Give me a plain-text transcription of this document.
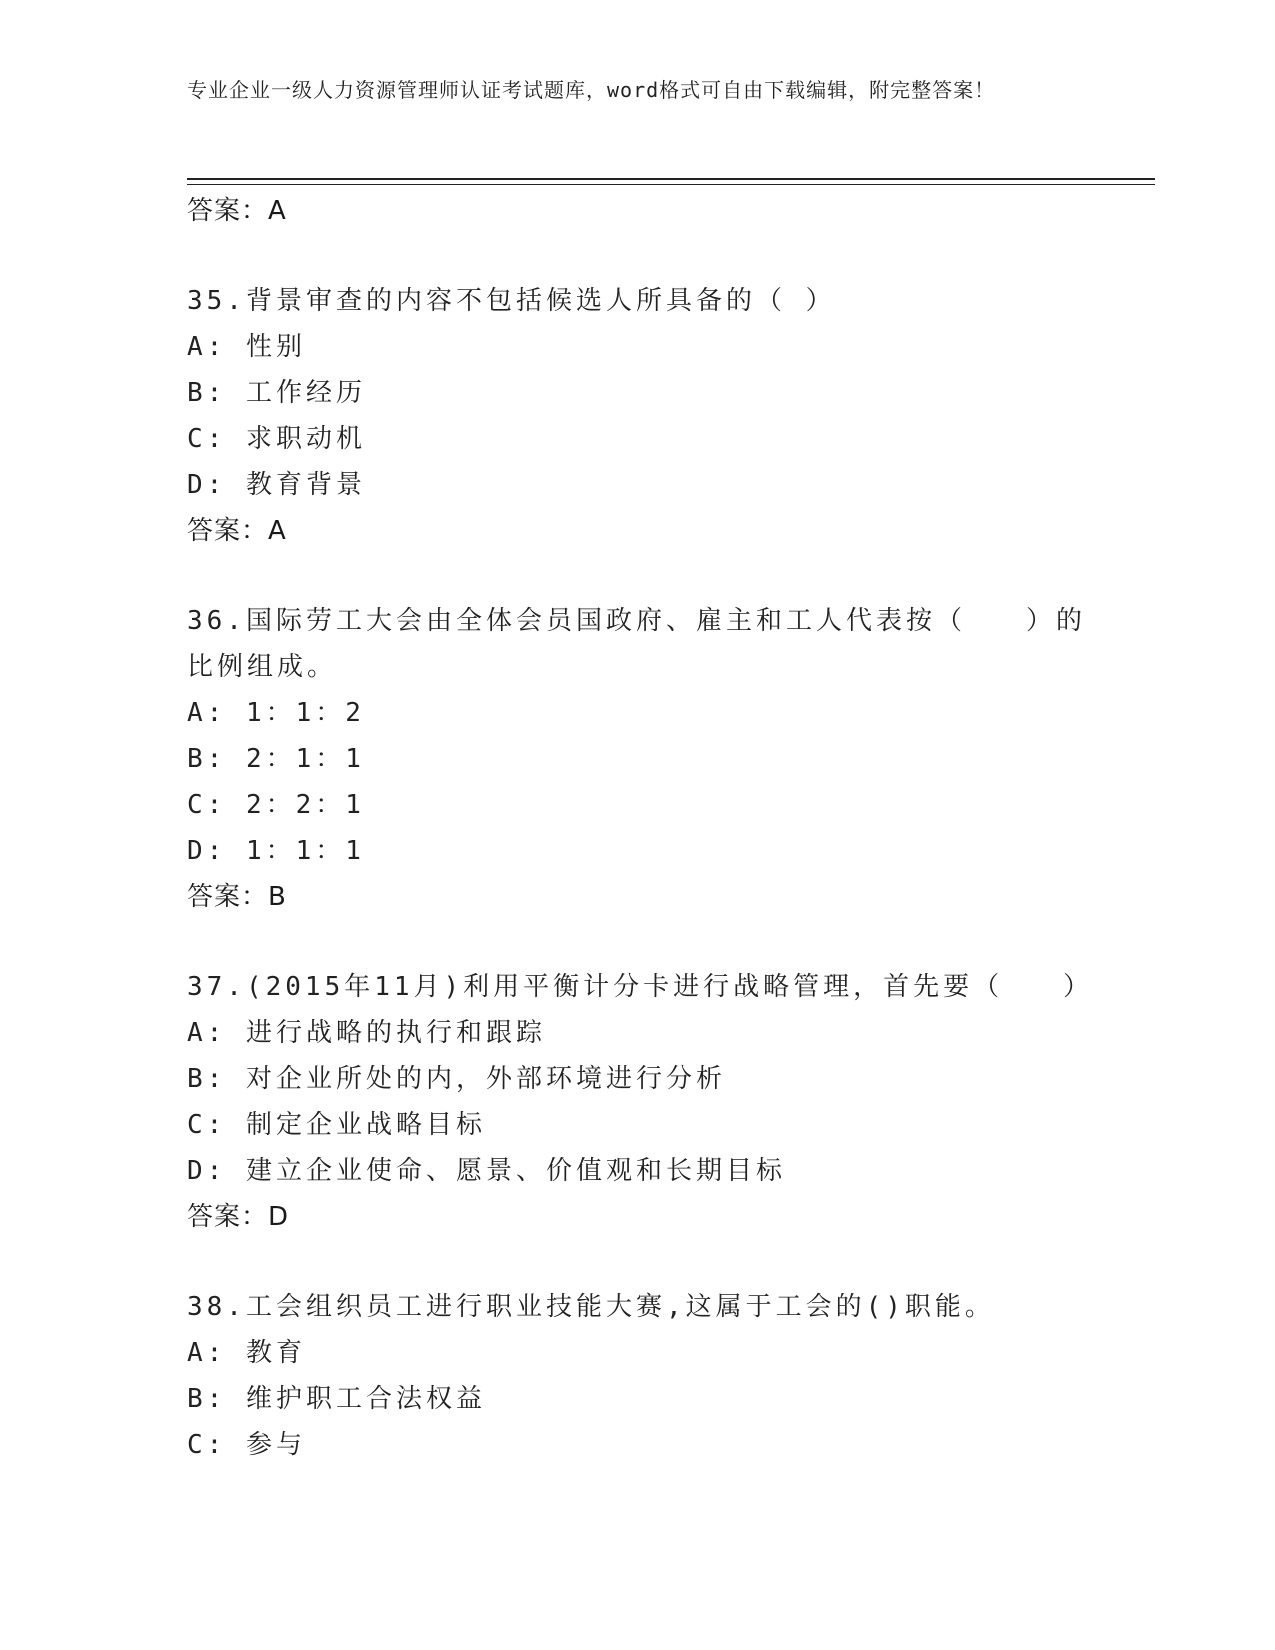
专业企业一级人力资源管理师认证考试题库，word格式可自由下载编辑，附完整答案！

答案：A

35.背景审查的内容不包括候选人所具备的（ ）

A: 性别

B: 工作经历

C: 求职动机

D: 教育背景

答案：A

36.国际劳工大会由全体会员国政府、雇主和工人代表按（　　）的比例组成。

A: 1：1：2

B: 2：1：1

C: 2：2：1

D: 1：1：1

答案：B

37.(2015年11月)利用平衡计分卡进行战略管理，首先要（　　）

A: 进行战略的执行和跟踪

B: 对企业所处的内，外部环境进行分析

C: 制定企业战略目标

D: 建立企业使命、愿景、价值观和长期目标

答案：D

38.工会组织员工进行职业技能大赛,这属于工会的()职能。

A: 教育

B: 维护职工合法权益

C: 参与
